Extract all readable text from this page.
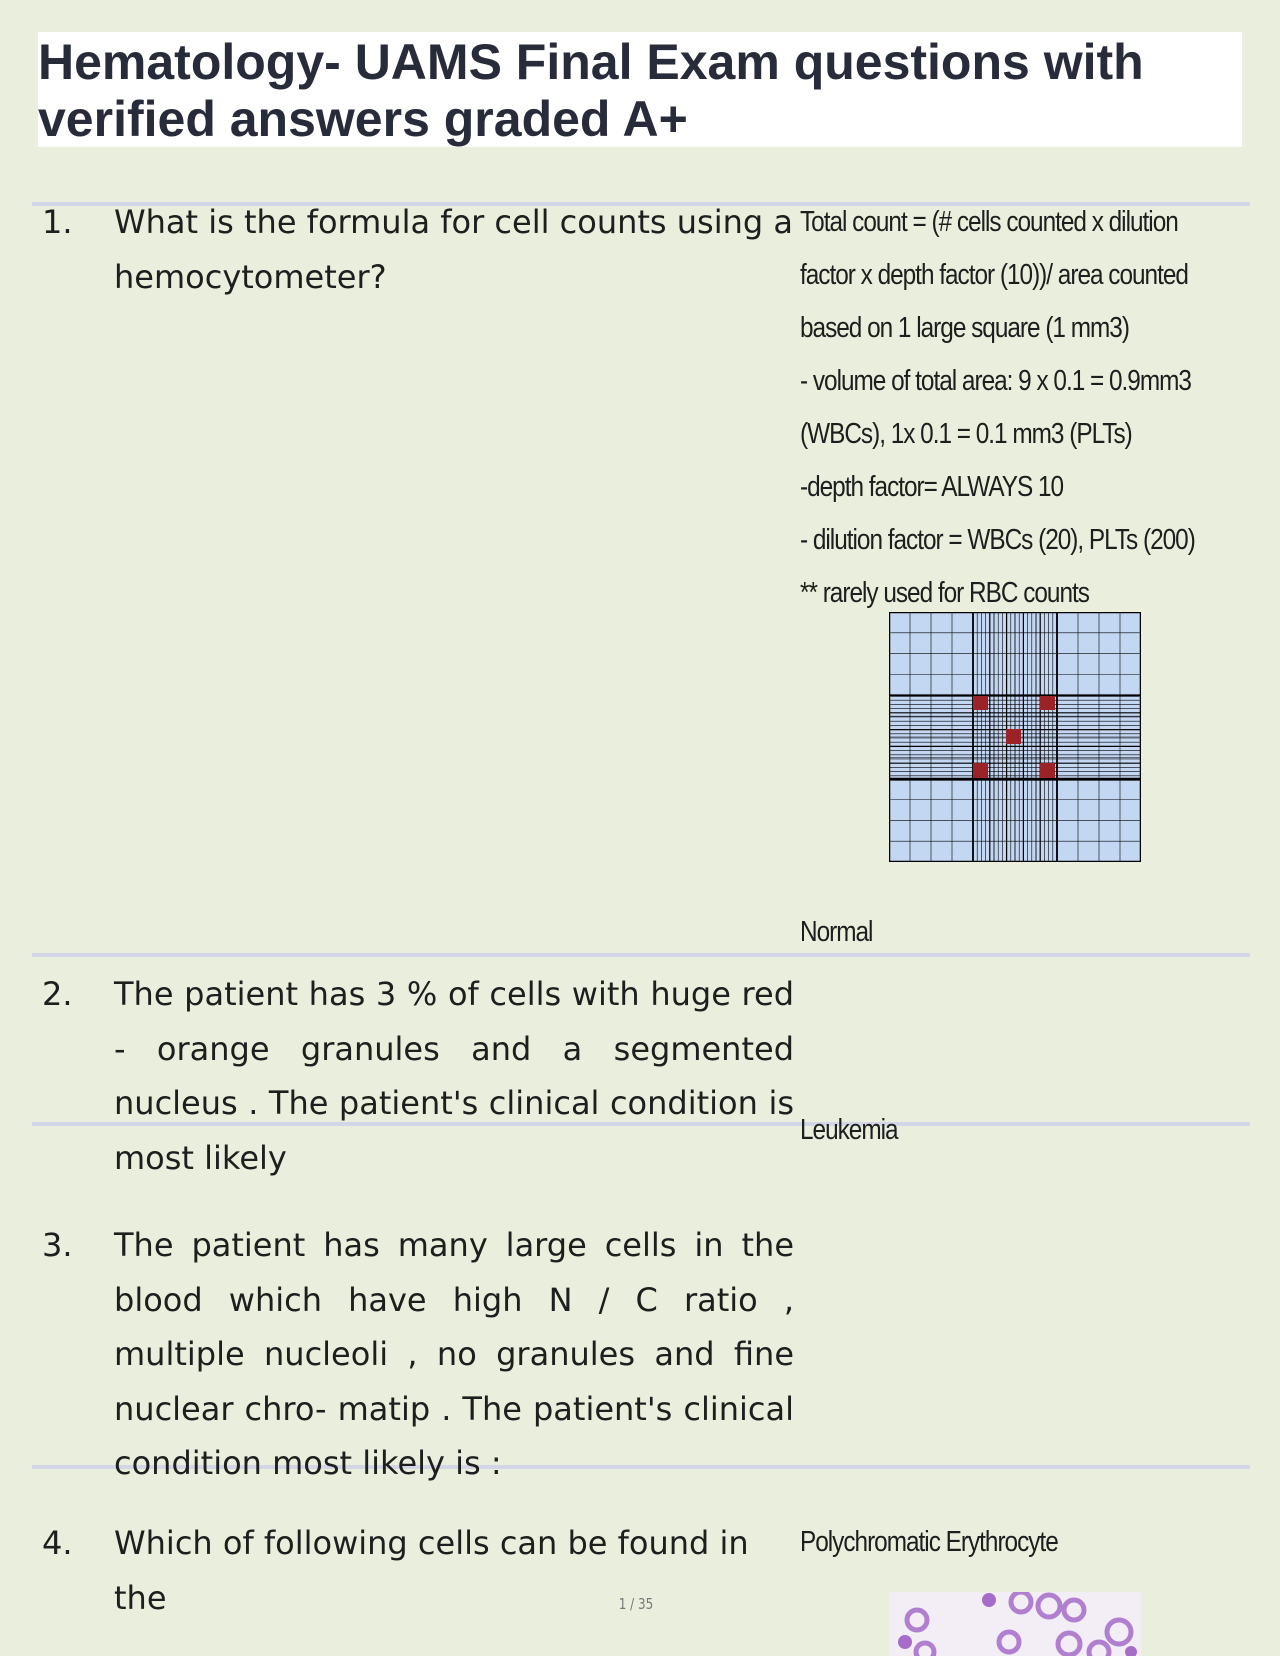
Hematology- UAMS Final Exam questions with
verified answers graded A+
1. What is the formula for cell counts using a hemocytometer?

Total count = (# cells counted x dilution
factor x depth factor (10))/ area counted
based on 1 large square (1 mm3)
- volume of total area: 9 x 0.1 = 0.9mm3
(WBCs), 1x 0.1 = 0.1 mm3 (PLTs)
-depth factor= ALWAYS 10
- dilution factor = WBCs (20), PLTs (200)
** rarely used for RBC counts
2. The patient has 3 % of cells with huge red - orange granules and a segmented nucleus . The patient's clinical condition is most likely

Normal
3. The patient has many large cells in the blood which have high N / C ratio , multiple nucleoli , no granules and fine nuclear chro- matip . The patient's clinical condition most likely is :

Leukemia
4. Which of following cells can be found in the

Polychromatic Erythrocyte
1 / 35
